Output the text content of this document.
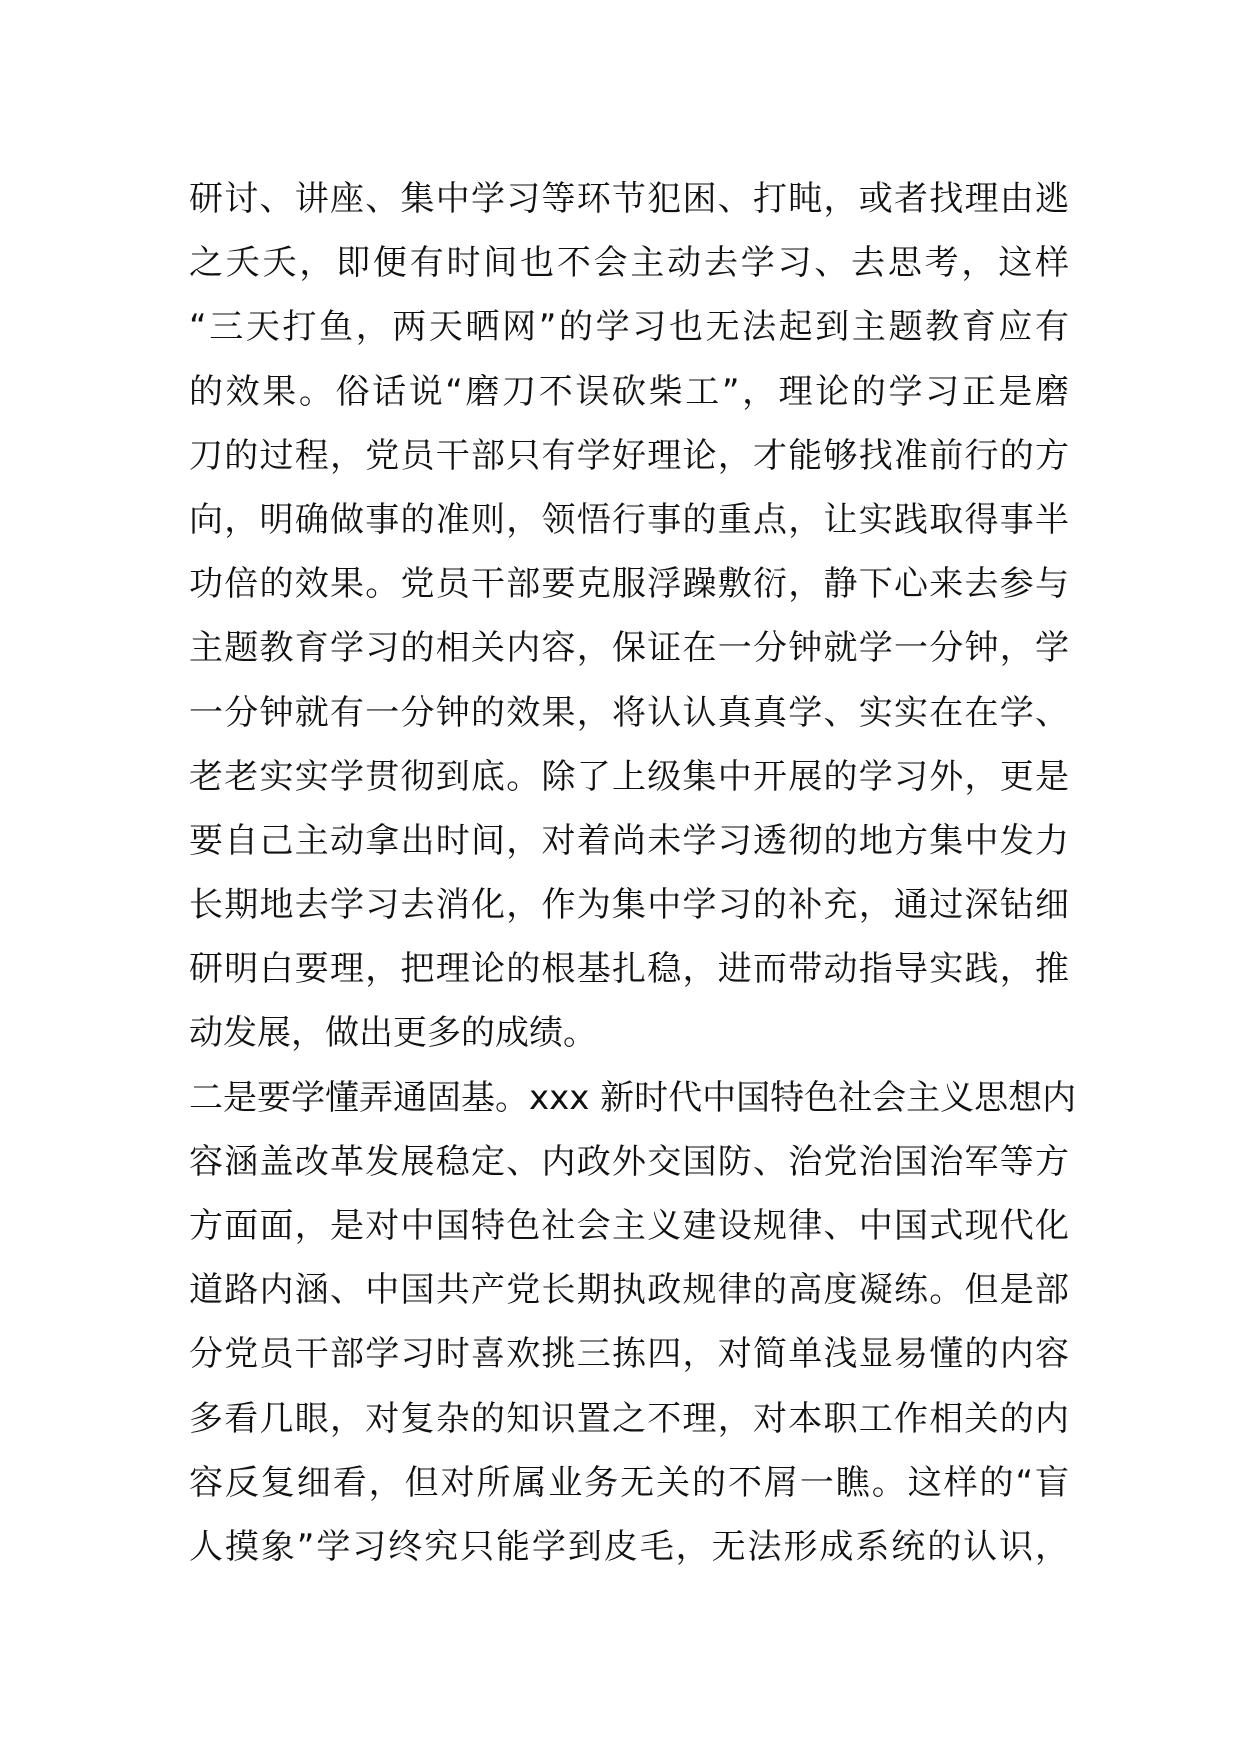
研讨、讲座、集中学习等环节犯困、打盹，或者找理由逃
之夭夭，即便有时间也不会主动去学习、去思考，这样
“三天打鱼，两天晒网”的学习也无法起到主题教育应有
的效果。俗话说“磨刀不误砍柴工”，理论的学习正是磨
刀的过程，党员干部只有学好理论，才能够找准前行的方
向，明确做事的准则，领悟行事的重点，让实践取得事半
功倍的效果。党员干部要克服浮躁敷衍，静下心来去参与
主题教育学习的相关内容，保证在一分钟就学一分钟，学
一分钟就有一分钟的效果，将认认真真学、实实在在学、
老老实实学贯彻到底。除了上级集中开展的学习外，更是
要自己主动拿出时间，对着尚未学习透彻的地方集中发力
长期地去学习去消化，作为集中学习的补充，通过深钻细
研明白要理，把理论的根基扎稳，进而带动指导实践，推
动发展，做出更多的成绩。
二是要学懂弄通固基。xxx 新时代中国特色社会主义思想内
容涵盖改革发展稳定、内政外交国防、治党治国治军等方
方面面，是对中国特色社会主义建设规律、中国式现代化
道路内涵、中国共产党长期执政规律的高度凝练。但是部
分党员干部学习时喜欢挑三拣四，对简单浅显易懂的内容
多看几眼，对复杂的知识置之不理，对本职工作相关的内
容反复细看，但对所属业务无关的不屑一瞧。这样的“盲
人摸象”学习终究只能学到皮毛，无法形成系统的认识，
